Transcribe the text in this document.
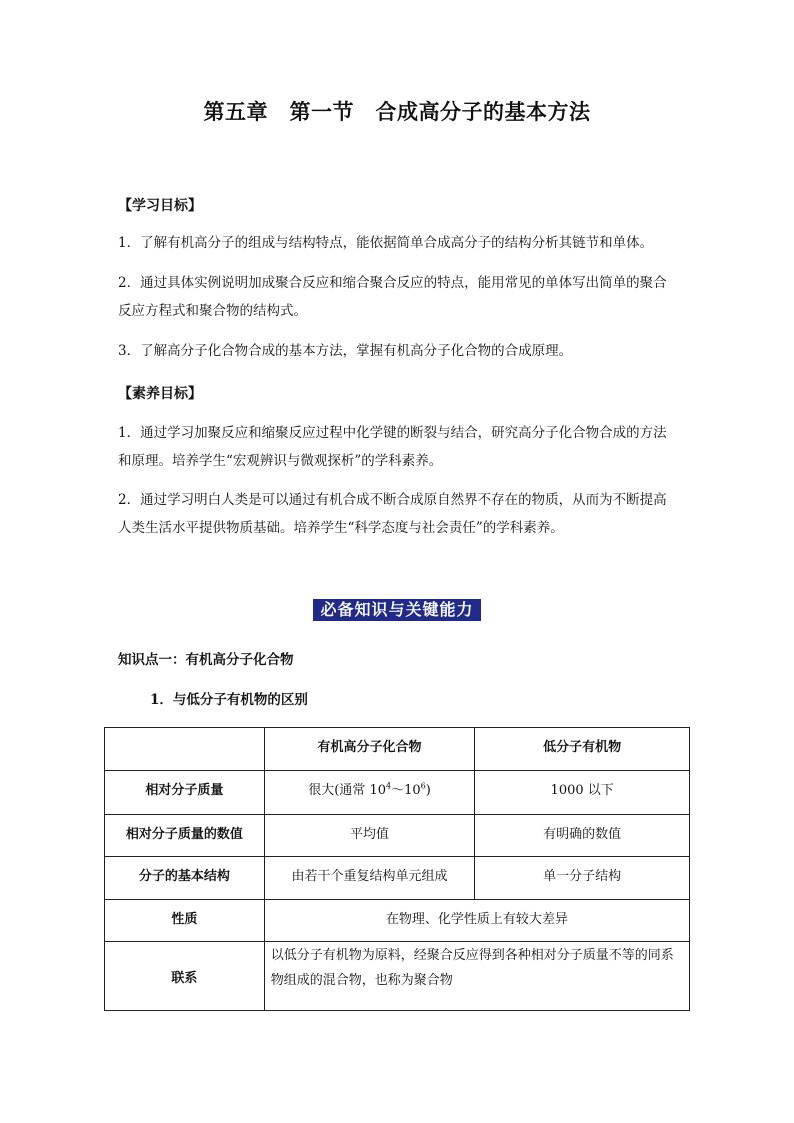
第五章　第一节　合成高分子的基本方法
【学习目标】
1．了解有机高分子的组成与结构特点，能依据简单合成高分子的结构分析其链节和单体。
2．通过具体实例说明加成聚合反应和缩合聚合反应的特点，能用常见的单体写出简单的聚合反应方程式和聚合物的结构式。
3．了解高分子化合物合成的基本方法，掌握有机高分子化合物的合成原理。
【素养目标】
1．通过学习加聚反应和缩聚反应过程中化学键的断裂与结合，研究高分子化合物合成的方法和原理。培养学生“宏观辨识与微观探析”的学科素养。
2．通过学习明白人类是可以通过有机合成不断合成原自然界不存在的物质，从而为不断提高人类生活水平提供物质基础。培养学生“科学态度与社会责任”的学科素养。
必备知识与关键能力
知识点一：有机高分子化合物
1．与低分子有机物的区别
	有机高分子化合物	低分子有机物
相对分子质量	很大(通常 $10^4\sim 10^6$)	1000 以下
相对分子质量的数值	平均值	有明确的数值
分子的基本结构	由若干个重复结构单元组成	单一分子结构
性质	在物理、化学性质上有较大差异	
联系	以低分子有机物为原料，经聚合反应得到各种相对分子质量不等的同系物组成的混合物，也称为聚合物	
